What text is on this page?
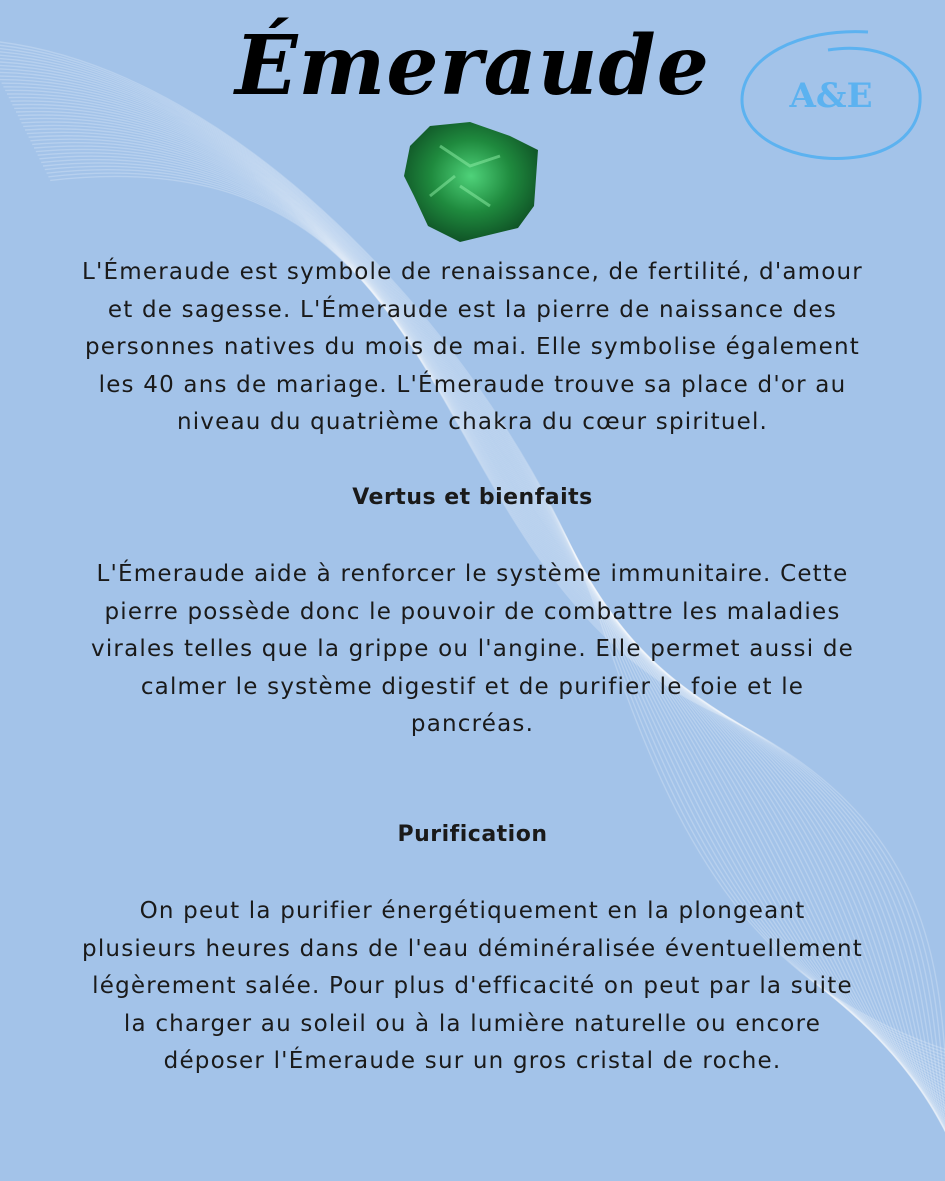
Émeraude	A&E
L'Émeraude est symbole de renaissance, de fertilité, d'amour
et de sagesse. L'Émeraude est la pierre de naissance des
personnes natives du mois de mai. Elle symbolise également
les 40 ans de mariage. L'Émeraude trouve sa place d'or au
niveau du quatrième chakra du cœur spirituel.
Vertus et bienfaits
L'Émeraude aide à renforcer le système immunitaire. Cette
pierre possède donc le pouvoir de combattre les maladies
virales telles que la grippe ou l'angine. Elle permet aussi de
calmer le système digestif et de purifier le foie et le
pancréas.
Purification
On peut la purifier énergétiquement en la plongeant
plusieurs heures dans de l'eau déminéralisée éventuellement
légèrement salée. Pour plus d'efficacité on peut par la suite
la charger au soleil ou à la lumière naturelle ou encore
déposer l'Émeraude sur un gros cristal de roche.
